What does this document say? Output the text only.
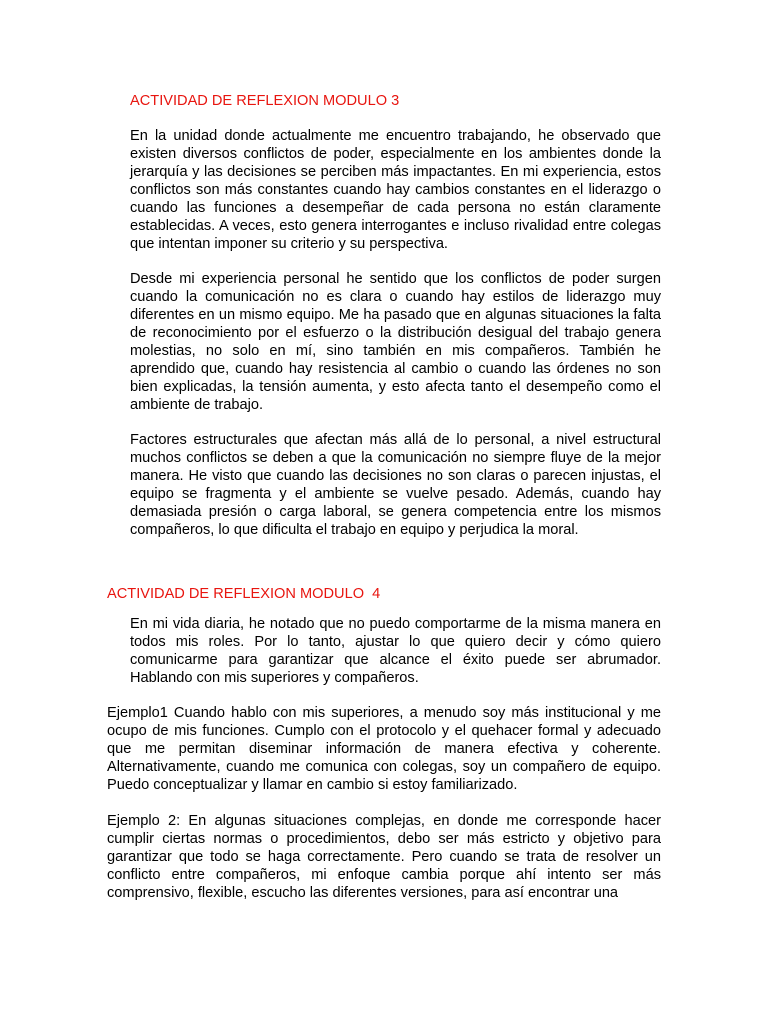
ACTIVIDAD DE REFLEXION MODULO 3

En la unidad donde actualmente me encuentro trabajando, he observado que existen diversos conflictos de poder, especialmente en los ambientes donde la jerarquía y las decisiones se perciben más impactantes. En mi experiencia, estos conflictos son más constantes cuando hay cambios constantes en el liderazgo o cuando las funciones a desempeñar de cada persona no están claramente establecidas. A veces, esto genera interrogantes e incluso rivalidad entre colegas que intentan imponer su criterio y su perspectiva.

Desde mi experiencia personal he sentido que los conflictos de poder surgen cuando la comunicación no es clara o cuando hay estilos de liderazgo muy diferentes en un mismo equipo. Me ha pasado que en algunas situaciones la falta de reconocimiento por el esfuerzo o la distribución desigual del trabajo genera molestias, no solo en mí, sino también en mis compañeros. También he aprendido que, cuando hay resistencia al cambio o cuando las órdenes no son bien explicadas, la tensión aumenta, y esto afecta tanto el desempeño como el ambiente de trabajo.

Factores estructurales que afectan más allá de lo personal, a nivel estructural muchos conflictos se deben a que la comunicación no siempre fluye de la mejor manera. He visto que cuando las decisiones no son claras o parecen injustas, el equipo se fragmenta y el ambiente se vuelve pesado. Además, cuando hay demasiada presión o carga laboral, se genera competencia entre los mismos compañeros, lo que dificulta el trabajo en equipo y perjudica la moral.

ACTIVIDAD DE REFLEXION MODULO  4

En mi vida diaria, he notado que no puedo comportarme de la misma manera en todos mis roles. Por lo tanto, ajustar lo que quiero decir y cómo quiero comunicarme para garantizar que alcance el éxito puede ser abrumador. Hablando con mis superiores y compañeros.

Ejemplo1 Cuando hablo con mis superiores, a menudo soy más institucional y me ocupo de mis funciones. Cumplo con el protocolo y el quehacer formal y adecuado que me permitan diseminar información de manera efectiva y coherente. Alternativamente, cuando me comunica con colegas, soy un compañero de equipo. Puedo conceptualizar y llamar en cambio si estoy familiarizado.

Ejemplo 2: En algunas situaciones complejas, en donde me corresponde hacer cumplir ciertas normas o procedimientos, debo ser más estricto y objetivo para garantizar que todo se haga correctamente. Pero cuando se trata de resolver un conflicto entre compañeros, mi enfoque cambia porque ahí intento ser más comprensivo, flexible, escucho las diferentes versiones, para así encontrar una
